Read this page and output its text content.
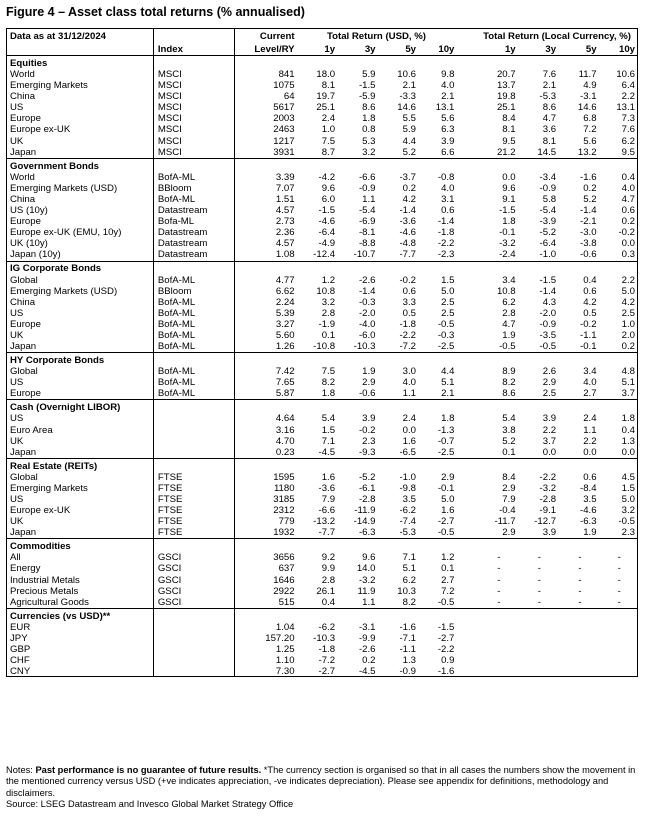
Figure 4 – Asset class total returns (% annualised)
Data as at 31/12/2024		Current	Total Return (USD, %)					Total Return (Local Currency, %)			
	Index	Level/RY	1y	3y	5y	10y		1y	3y	5y	10y
Equities											
World	MSCI	841	18.0	5.9	10.6	9.8		20.7	7.6	11.7	10.6
Emerging Markets	MSCI	1075	8.1	-1.5	2.1	4.0		13.7	2.1	4.9	6.4
China	MSCI	64	19.7	-5.9	-3.3	2.1		19.8	-5.3	-3.1	2.2
US	MSCI	5617	25.1	8.6	14.6	13.1		25.1	8.6	14.6	13.1
Europe	MSCI	2003	2.4	1.8	5.5	5.6		8.4	4.7	6.8	7.3
Europe ex-UK	MSCI	2463	1.0	0.8	5.9	6.3		8.1	3.6	7.2	7.6
UK	MSCI	1217	7.5	5.3	4.4	3.9		9.5	8.1	5.6	6.2
Japan	MSCI	3931	8.7	3.2	5.2	6.6		21.2	14.5	13.2	9.5
Government Bonds											
World	BofA-ML	3.39	-4.2	-6.6	-3.7	-0.8		0.0	-3.4	-1.6	0.4
Emerging Markets (USD)	BBloom	7.07	9.6	-0.9	0.2	4.0		9.6	-0.9	0.2	4.0
China	BofA-ML	1.51	6.0	1.1	4.2	3.1		9.1	5.8	5.2	4.7
US (10y)	Datastream	4.57	-1.5	-5.4	-1.4	0.6		-1.5	-5.4	-1.4	0.6
Europe	Bofa-ML	2.73	-4.6	-6.9	-3.6	-1.4		1.8	-3.9	-2.1	0.2
Europe ex-UK (EMU, 10y)	Datastream	2.36	-6.4	-8.1	-4.6	-1.8		-0.1	-5.2	-3.0	-0.2
UK (10y)	Datastream	4.57	-4.9	-8.8	-4.8	-2.2		-3.2	-6.4	-3.8	0.0
Japan (10y)	Datastream	1.08	-12.4	-10.7	-7.7	-2.3		-2.4	-1.0	-0.6	0.3
IG Corporate Bonds											
Global	BofA-ML	4.77	1.2	-2.6	-0.2	1.5		3.4	-1.5	0.4	2.2
Emerging Markets (USD)	BBloom	6.62	10.8	-1.4	0.6	5.0		10.8	-1.4	0.6	5.0
China	BofA-ML	2.24	3.2	-0.3	3.3	2.5		6.2	4.3	4.2	4.2
US	BofA-ML	5.39	2.8	-2.0	0.5	2.5		2.8	-2.0	0.5	2.5
Europe	BofA-ML	3.27	-1.9	-4.0	-1.8	-0.5		4.7	-0.9	-0.2	1.0
UK	BofA-ML	5.60	0.1	-6.0	-2.2	-0.3		1.9	-3.5	-1.1	2.0
Japan	BofA-ML	1.26	-10.8	-10.3	-7.2	-2.5		-0.5	-0.5	-0.1	0.2
HY Corporate Bonds											
Global	BofA-ML	7.42	7.5	1.9	3.0	4.4		8.9	2.6	3.4	4.8
US	BofA-ML	7.65	8.2	2.9	4.0	5.1		8.2	2.9	4.0	5.1
Europe	BofA-ML	5.87	1.8	-0.6	1.1	2.1		8.6	2.5	2.7	3.7
Cash (Overnight LIBOR)											
US		4.64	5.4	3.9	2.4	1.8		5.4	3.9	2.4	1.8
Euro Area		3.16	1.5	-0.2	0.0	-1.3		3.8	2.2	1.1	0.4
UK		4.70	7.1	2.3	1.6	-0.7		5.2	3.7	2.2	1.3
Japan		0.23	-4.5	-9.3	-6.5	-2.5		0.1	0.0	0.0	0.0
Real Estate (REITs)											
Global	FTSE	1595	1.6	-5.2	-1.0	2.9		8.4	-2.2	0.6	4.5
Emerging Markets	FTSE	1180	-3.6	-6.1	-9.8	-0.1		2.9	-3.2	-8.4	1.5
US	FTSE	3185	7.9	-2.8	3.5	5.0		7.9	-2.8	3.5	5.0
Europe ex-UK	FTSE	2312	-6.6	-11.9	-6.2	1.6		-0.4	-9.1	-4.6	3.2
UK	FTSE	779	-13.2	-14.9	-7.4	-2.7		-11.7	-12.7	-6.3	-0.5
Japan	FTSE	1932	-7.7	-6.3	-5.3	-0.5		2.9	3.9	1.9	2.3
Commodities											
All	GSCI	3656	9.2	9.6	7.1	1.2		-	-	-	-
Energy	GSCI	637	9.9	14.0	5.1	0.1		-	-	-	-
Industrial Metals	GSCI	1646	2.8	-3.2	6.2	2.7		-	-	-	-
Precious Metals	GSCI	2922	26.1	11.9	10.3	7.2		-	-	-	-
Agricultural Goods	GSCI	515	0.4	1.1	8.2	-0.5		-	-	-	-
Currencies (vs USD)**											
EUR		1.04	-6.2	-3.1	-1.6	-1.5					
JPY		157.20	-10.3	-9.9	-7.1	-2.7					
GBP		1.25	-1.8	-2.6	-1.1	-2.2					
CHF		1.10	-7.2	0.2	1.3	0.9					
CNY		7.30	-2.7	-4.5	-0.9	-1.6					
Notes: Past performance is no guarantee of future results. *The currency section is organised so that in all cases the numbers show the movement in the mentioned currency versus USD (+ve indicates appreciation, -ve indicates depreciation). Please see appendix for definitions, methodology and disclaimers.
Source: LSEG Datastream and Invesco Global Market Strategy Office
